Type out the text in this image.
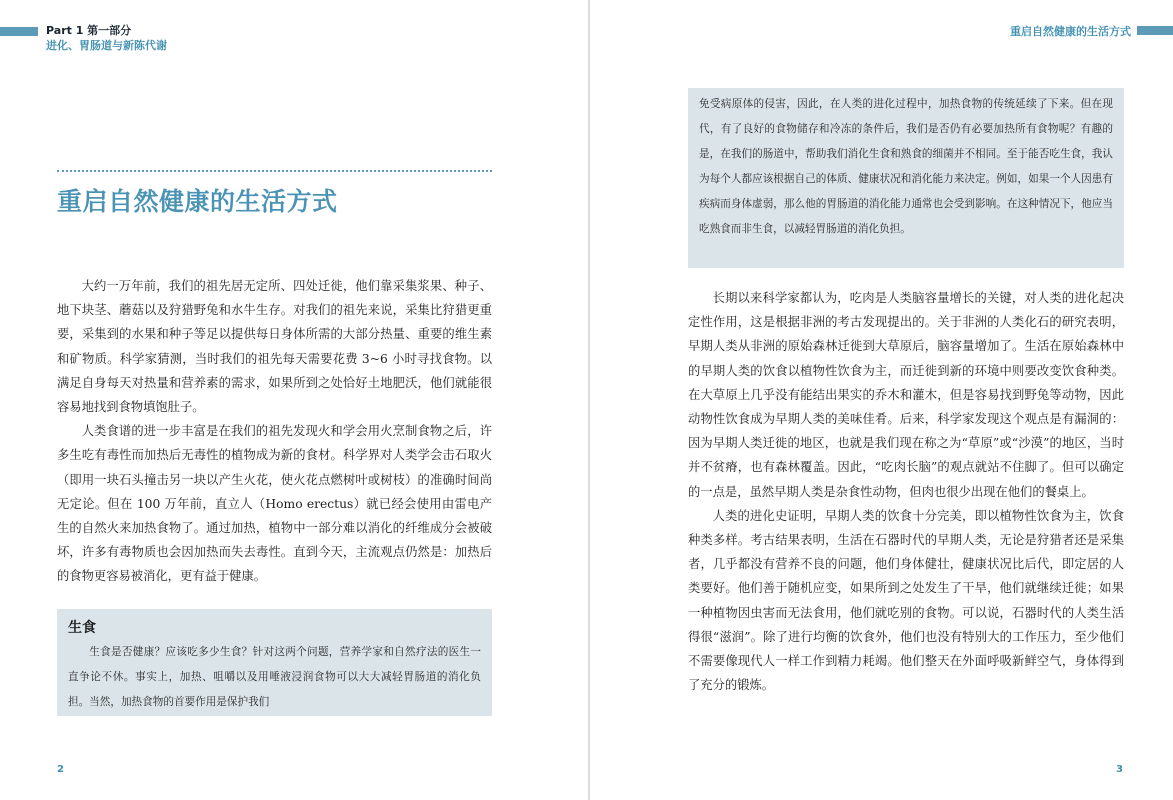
Part 1 第一部分
进化、胃肠道与新陈代谢
重启自然健康的生活方式

大约一万年前，我们的祖先居无定所、四处迁徙，他们靠采集浆果、种子、地下块茎、蘑菇以及狩猎野兔和水牛生存。对我们的祖先来说，采集比狩猎更重要，采集到的水果和种子等足以提供每日身体所需的大部分热量、重要的维生素和矿物质。科学家猜测，当时我们的祖先每天需要花费 3~6 小时寻找食物。以满足自身每天对热量和营养素的需求，如果所到之处恰好土地肥沃，他们就能很容易地找到食物填饱肚子。

人类食谱的进一步丰富是在我们的祖先发现火和学会用火烹制食物之后，许多生吃有毒性而加热后无毒性的植物成为新的食材。科学界对人类学会击石取火（即用一块石头撞击另一块以产生火花，使火花点燃树叶或树枝）的准确时间尚无定论。但在 100 万年前，直立人（Homo erectus）就已经会使用由雷电产生的自然火来加热食物了。通过加热，植物中一部分难以消化的纤维成分会被破坏，许多有毒物质也会因加热而失去毒性。直到今天，主流观点仍然是：加热后的食物更容易被消化，更有益于健康。

生食

生食是否健康？应该吃多少生食？针对这两个问题，营养学家和自然疗法的医生一直争论不休。事实上，加热、咀嚼以及用唾液浸润食物可以大大减轻胃肠道的消化负担。当然，加热食物的首要作用是保护我们

2
重启自然健康的生活方式

免受病原体的侵害，因此，在人类的进化过程中，加热食物的传统延续了下来。但在现代，有了良好的食物储存和冷冻的条件后，我们是否仍有必要加热所有食物呢？有趣的是，在我们的肠道中，帮助我们消化生食和熟食的细菌并不相同。至于能否吃生食，我认为每个人都应该根据自己的体质、健康状况和消化能力来决定。例如，如果一个人因患有疾病而身体虚弱，那么他的胃肠道的消化能力通常也会受到影响。在这种情况下，他应当吃熟食而非生食，以减轻胃肠道的消化负担。

长期以来科学家都认为，吃肉是人类脑容量增长的关键，对人类的进化起决定性作用，这是根据非洲的考古发现提出的。关于非洲的人类化石的研究表明，早期人类从非洲的原始森林迁徙到大草原后，脑容量增加了。生活在原始森林中的早期人类的饮食以植物性饮食为主，而迁徙到新的环境中则要改变饮食种类。在大草原上几乎没有能结出果实的乔木和灌木，但是容易找到野兔等动物，因此动物性饮食成为早期人类的美味佳肴。后来，科学家发现这个观点是有漏洞的：因为早期人类迁徙的地区，也就是我们现在称之为“草原”或“沙漠”的地区，当时并不贫瘠，也有森林覆盖。因此，“吃肉长脑”的观点就站不住脚了。但可以确定的一点是，虽然早期人类是杂食性动物，但肉也很少出现在他们的餐桌上。

人类的进化史证明，早期人类的饮食十分完美，即以植物性饮食为主，饮食种类多样。考古结果表明，生活在石器时代的早期人类，无论是狩猎者还是采集者，几乎都没有营养不良的问题，他们身体健壮，健康状况比后代，即定居的人类要好。他们善于随机应变，如果所到之处发生了干旱，他们就继续迁徙；如果一种植物因虫害而无法食用，他们就吃别的食物。可以说，石器时代的人类生活得很“滋润”。除了进行均衡的饮食外，他们也没有特别大的工作压力，至少他们不需要像现代人一样工作到精力耗竭。他们整天在外面呼吸新鲜空气，身体得到了充分的锻炼。

3
